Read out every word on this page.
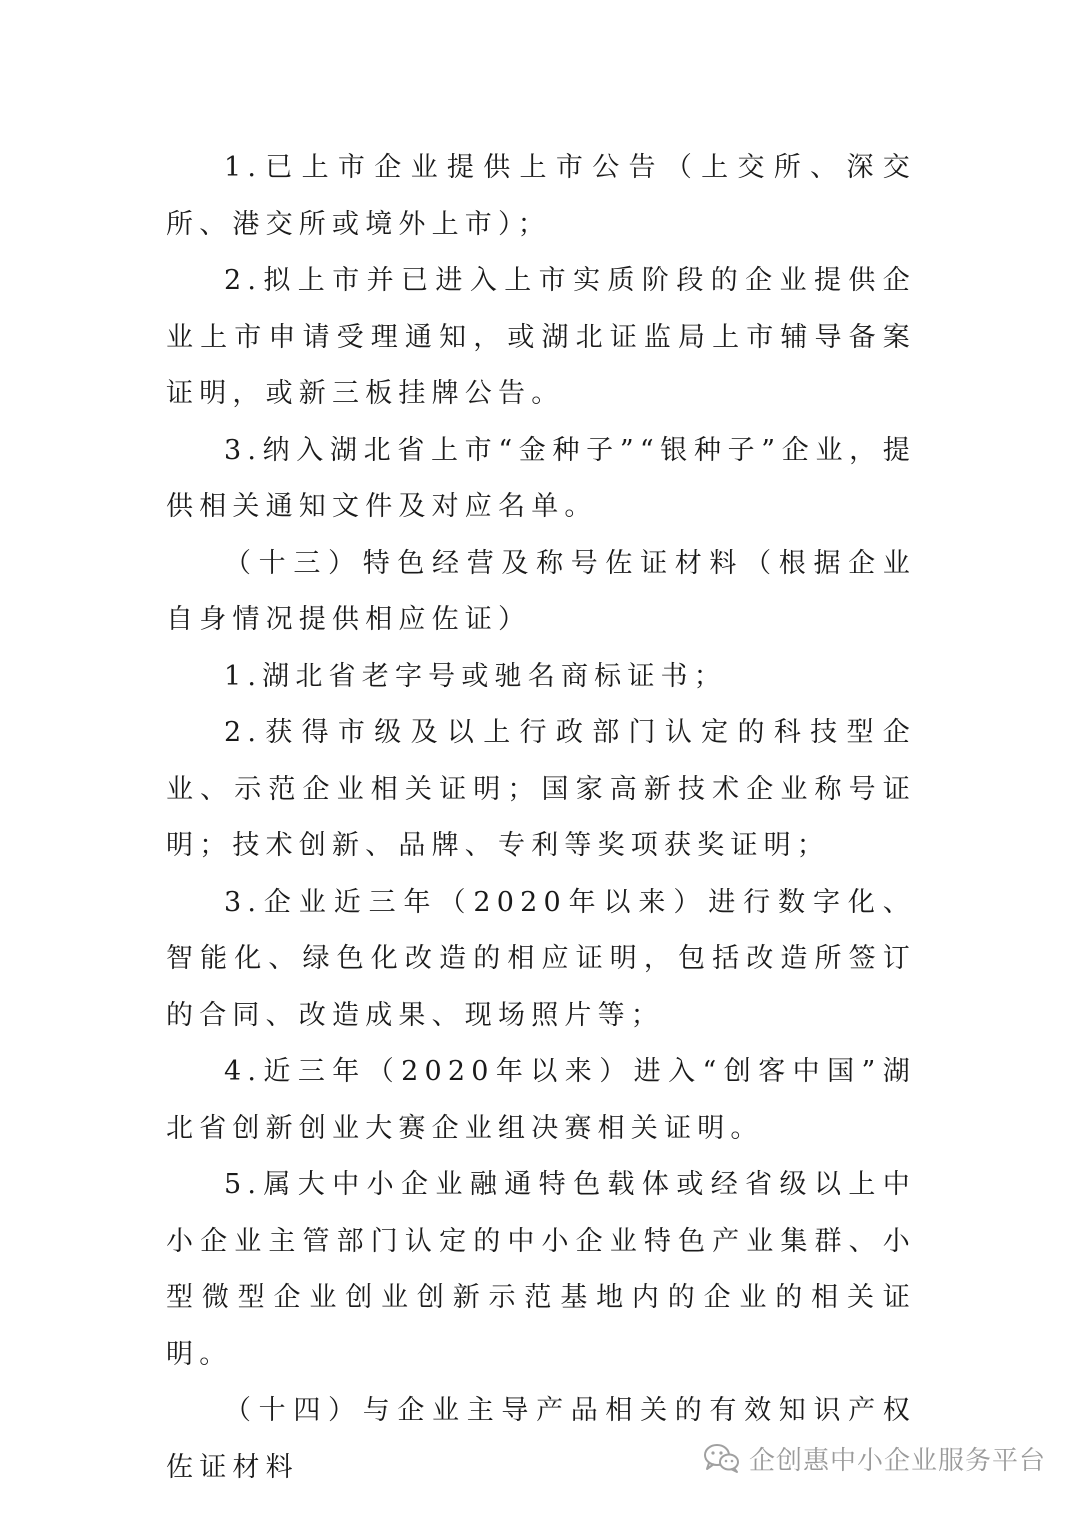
1.已上市企业提供上市公告（上交所、深交所、港交所或境外上市）；

2.拟上市并已进入上市实质阶段的企业提供企业上市申请受理通知，或湖北证监局上市辅导备案证明，或新三板挂牌公告。

3.纳入湖北省上市“金种子”“银种子”企业，提供相关通知文件及对应名单。

（十三）特色经营及称号佐证材料（根据企业自身情况提供相应佐证）

1.湖北省老字号或驰名商标证书；

2.获得市级及以上行政部门认定的科技型企业、示范企业相关证明；国家高新技术企业称号证明；技术创新、品牌、专利等奖项获奖证明；

3.企业近三年（2020年以来）进行数字化、智能化、绿色化改造的相应证明，包括改造所签订的合同、改造成果、现场照片等；

4.近三年（2020年以来）进入“创客中国”湖北省创新创业大赛企业组决赛相关证明。

5.属大中小企业融通特色载体或经省级以上中小企业主管部门认定的中小企业特色产业集群、小型微型企业创业创新示范基地内的企业的相关证明。

（十四）与企业主导产品相关的有效知识产权佐证材料	企创惠中小企业服务平台
